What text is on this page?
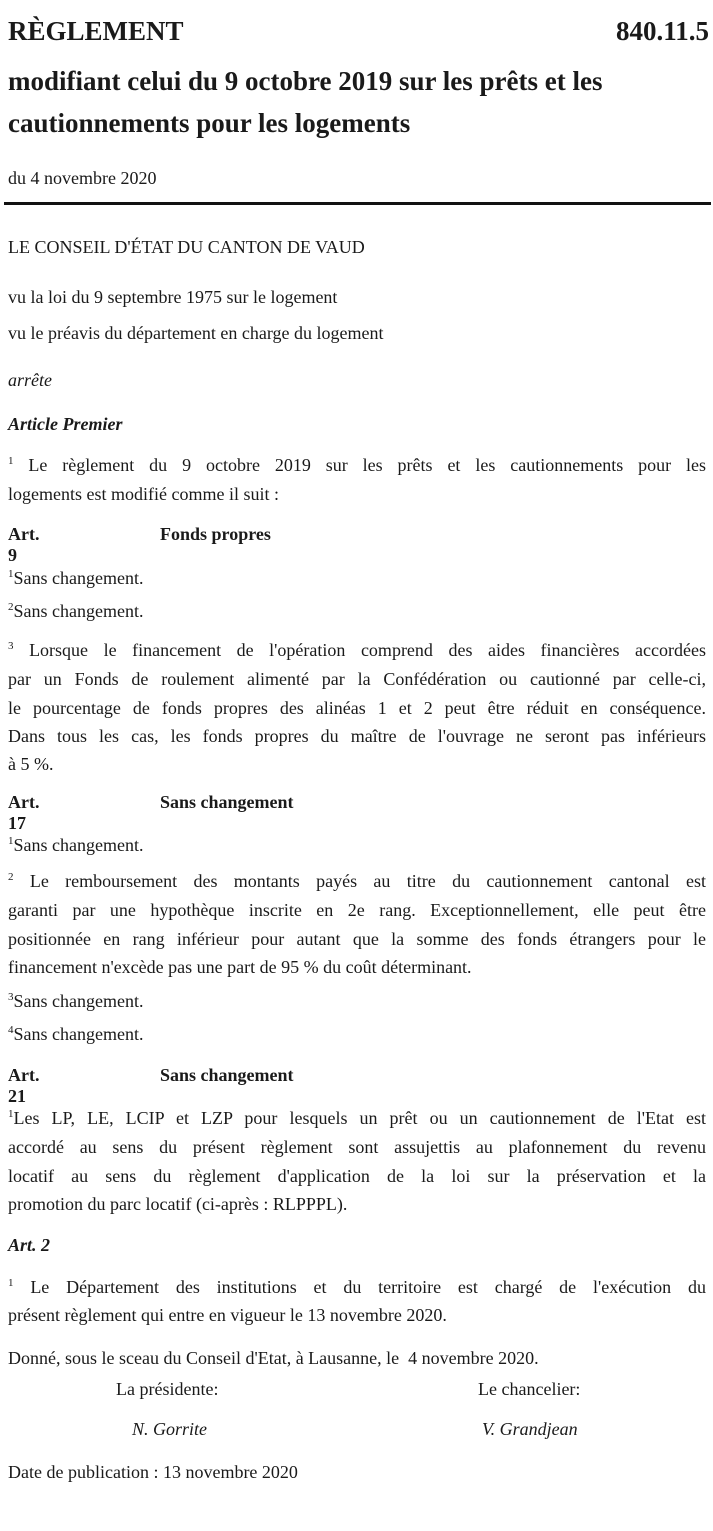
RÈGLEMENT	840.11.5
modifiant celui du 9 octobre 2019 sur les prêts et les cautionnements pour les logements
du 4 novembre 2020
LE CONSEIL D'ÉTAT DU CANTON DE VAUD
vu la loi du 9 septembre 1975 sur le logement
vu le préavis du département en charge du logement
arrête
Article Premier
$^1$ Le règlement du 9 octobre 2019 sur les prêts et les cautionnements pour les
logements est modifié comme il suit :
Art. 9
Fonds propres
$^1$Sans changement.
$^2$Sans changement.
$^3$ Lorsque le financement de l'opération comprend des aides financières accordées
par un Fonds de roulement alimenté par la Confédération ou cautionné par celle-ci,
le pourcentage de fonds propres des alinéas 1 et 2 peut être réduit en conséquence.
Dans tous les cas, les fonds propres du maître de l'ouvrage ne seront pas inférieurs
à 5 %.
Art. 17
Sans changement
$^1$Sans changement.
$^2$ Le remboursement des montants payés au titre du cautionnement cantonal est
garanti par une hypothèque inscrite en 2e rang. Exceptionnellement, elle peut être
positionnée en rang inférieur pour autant que la somme des fonds étrangers pour le
financement n'excède pas une part de 95 % du coût déterminant.
$^3$Sans changement.
$^4$Sans changement.
Art. 21
Sans changement
$^1$Les LP, LE, LCIP et LZP pour lesquels un prêt ou un cautionnement de l'Etat est
accordé au sens du présent règlement sont assujettis au plafonnement du revenu
locatif au sens du règlement d'application de la loi sur la préservation et la
promotion du parc locatif (ci-après : RLPPPL).
Art. 2
$^1$ Le Département des institutions et du territoire est chargé de l'exécution du
présent règlement qui entre en vigueur le 13 novembre 2020.
Donné, sous le sceau du Conseil d'Etat, à Lausanne, le  4 novembre 2020.
La présidente:	Le chancelier:
N. Gorrite	V. Grandjean
Date de publication : 13 novembre 2020
